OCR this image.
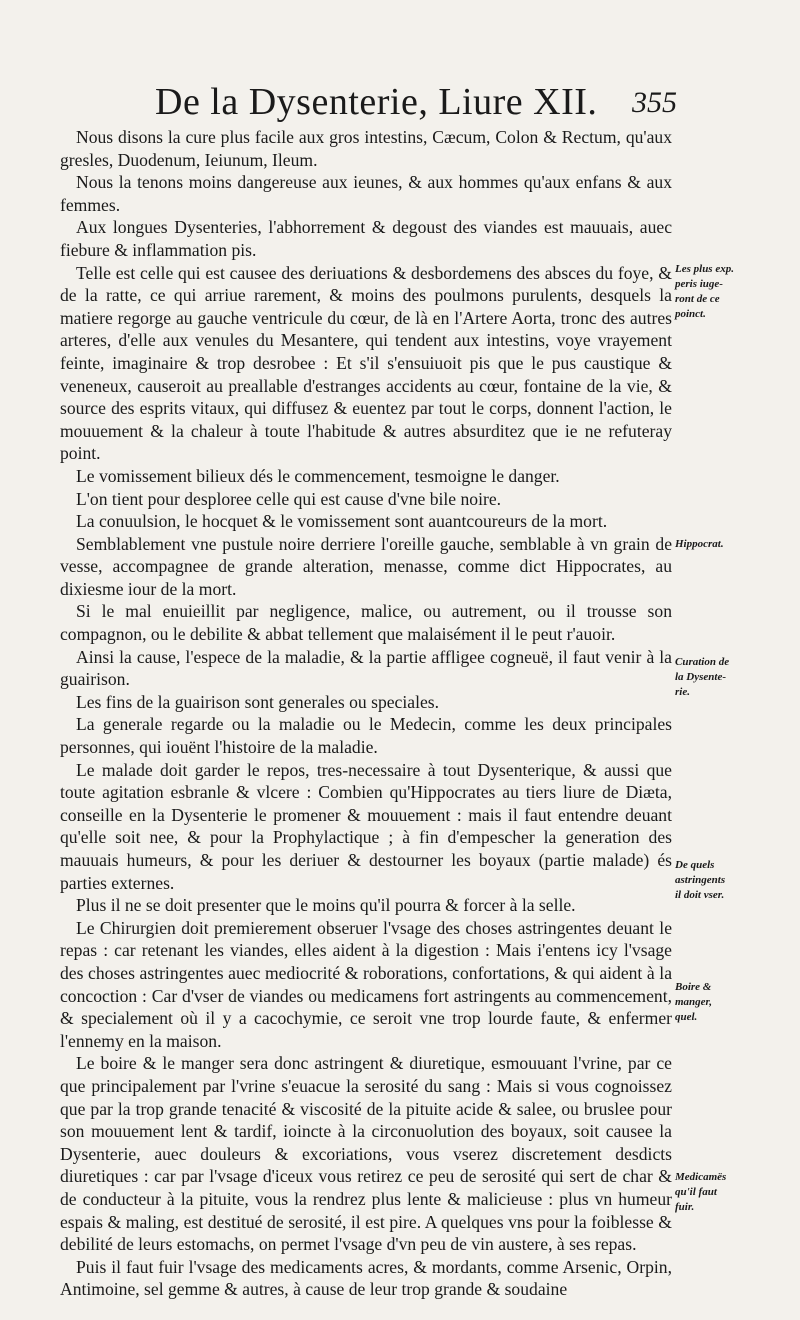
De la Dysenterie, Liure XII. 355

Nous disons la cure plus facile aux gros intestins, Cæcum, Colon & Rectum, qu'aux gresles, Duodenum, Ieiunum, Ileum.

Nous la tenons moins dangereuse aux ieunes, & aux hommes qu'aux enfans & aux femmes.

Aux longues Dysenteries, l'abhorrement & degoust des viandes est mauuais, auec fiebure & inflammation pis.

Telle est celle qui est causee des deriuations & desbordemens des absces du foye, & de la ratte, ce qui arriue rarement, & moins des poulmons purulents, desquels la matiere regorge au gauche ventricule du cœur, de là en l'Artere Aorta, tronc des autres arteres, d'elle aux venules du Mesantere, qui tendent aux intestins, voye vrayement feinte, imaginaire & trop desrobee : Et s'il s'ensuiuoit pis que le pus caustique & veneneux, causeroit au preallable d'estranges accidents au cœur, fontaine de la vie, & source des esprits vitaux, qui diffusez & euentez par tout le corps, donnent l'action, le mouuement & la chaleur à toute l'habitude & autres absurditez que ie ne refuteray point.

Le vomissement bilieux dés le commencement, tesmoigne le danger.

L'on tient pour desploree celle qui est cause d'vne bile noire.

La conuulsion, le hocquet & le vomissement sont auantcoureurs de la mort.

Semblablement vne pustule noire derriere l'oreille gauche, semblable à vn grain de vesse, accompagnee de grande alteration, menasse, comme dict Hippocrates, au dixiesme iour de la mort.

Si le mal enuieillit par negligence, malice, ou autrement, ou il trousse son compagnon, ou le debilite & abbat tellement que malaisément il le peut r'auoir.

Ainsi la cause, l'espece de la maladie, & la partie affligee cogneuë, il faut venir à la guairison.

Les fins de la guairison sont generales ou speciales.

La generale regarde ou la maladie ou le Medecin, comme les deux principales personnes, qui iouënt l'histoire de la maladie.

Le malade doit garder le repos, tres-necessaire à tout Dysenterique, & aussi que toute agitation esbranle & vlcere : Combien qu'Hippocrates au tiers liure de Diæta, conseille en la Dysenterie le promener & mouuement : mais il faut entendre deuant qu'elle soit nee, & pour la Prophylactique ; à fin d'empescher la generation des mauuais humeurs, & pour les deriuer & destourner les boyaux (partie malade) és parties externes.

Plus il ne se doit presenter que le moins qu'il pourra & forcer à la selle.

Le Chirurgien doit premierement obseruer l'vsage des choses astringentes deuant le repas : car retenant les viandes, elles aident à la digestion : Mais i'entens icy l'vsage des choses astringentes auec mediocrité & roborations, confortations, & qui aident à la concoction : Car d'vser de viandes ou medicamens fort astringents au commencement, & specialement où il y a cacochymie, ce seroit vne trop lourde faute, & enfermer l'ennemy en la maison.

Le boire & le manger sera donc astringent & diuretique, esmouuant l'vrine, par ce que principalement par l'vrine s'euacue la serosité du sang : Mais si vous cognoissez que par la trop grande tenacité & viscosité de la pituite acide & salee, ou bruslee pour son mouuement lent & tardif, ioincte à la circonuolution des boyaux, soit causee la Dysenterie, auec douleurs & excoriations, vous vserez discretement desdicts diuretiques : car par l'vsage d'iceux vous retirez ce peu de serosité qui sert de char & de conducteur à la pituite, vous la rendrez plus lente & malicieuse : plus vn humeur espais & maling, est destitué de serosité, il est pire. A quelques vns pour la foiblesse & debilité de leurs estomachs, on permet l'vsage d'vn peu de vin austere, à ses repas.

Puis il faut fuir l'vsage des medicaments acres, & mordants, comme Arsenic, Orpin, Antimoine, sel gemme & autres, à cause de leur trop grande & soudaine

Les plus exp.
peris iuge-
ront de ce
poinct.
Hippocrat.
Curation de
la Dysente-
rie.
De quels
astringents
il doit vser.
Boire &
manger,
quel.
Medicamës
qu'il faut
fuir.
